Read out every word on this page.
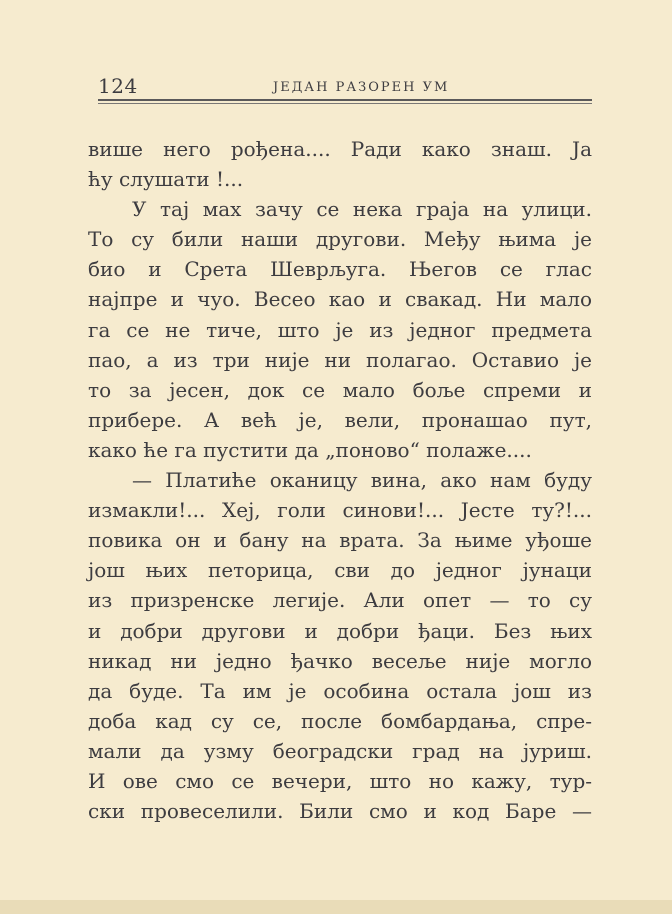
124	ЈЕДАН РАЗОРЕН УМ
више него рођена.... Ради како знаш. Ја
ћу слушати !...
У тај мах зачу се нека граја на улици.
То су били наши другови. Међу њима је
био и Срета Шеврљуга. Његов се глас
најпре и чуо. Весео као и свакад. Ни мало
га се не тиче, што је из једног предмета
пао, а из три није ни полагао. Оставио је
то за јесен, док се мало боље спреми и
прибере. А већ је, вели, пронашао пут,
како ће га пустити да „поново“ полаже....
— Платиће оканицу вина, ако нам буду
измакли!... Хеј, голи синови!... Јесте ту?!...
повика он и бану на врата. За њиме уђоше
још њих петорица, сви до једног јунаци
из призренске легије. Али опет — то су
и добри другови и добри ђаци. Без њих
никад ни једно ђачко весеље није могло
да буде. Та им је особина остала још из
доба кад су се, после бомбардања, спре-
мали да узму београдски град на јуриш.
И ове смо се вечери, што но кажу, тур-
ски провеселили. Били смо и код Баре —
